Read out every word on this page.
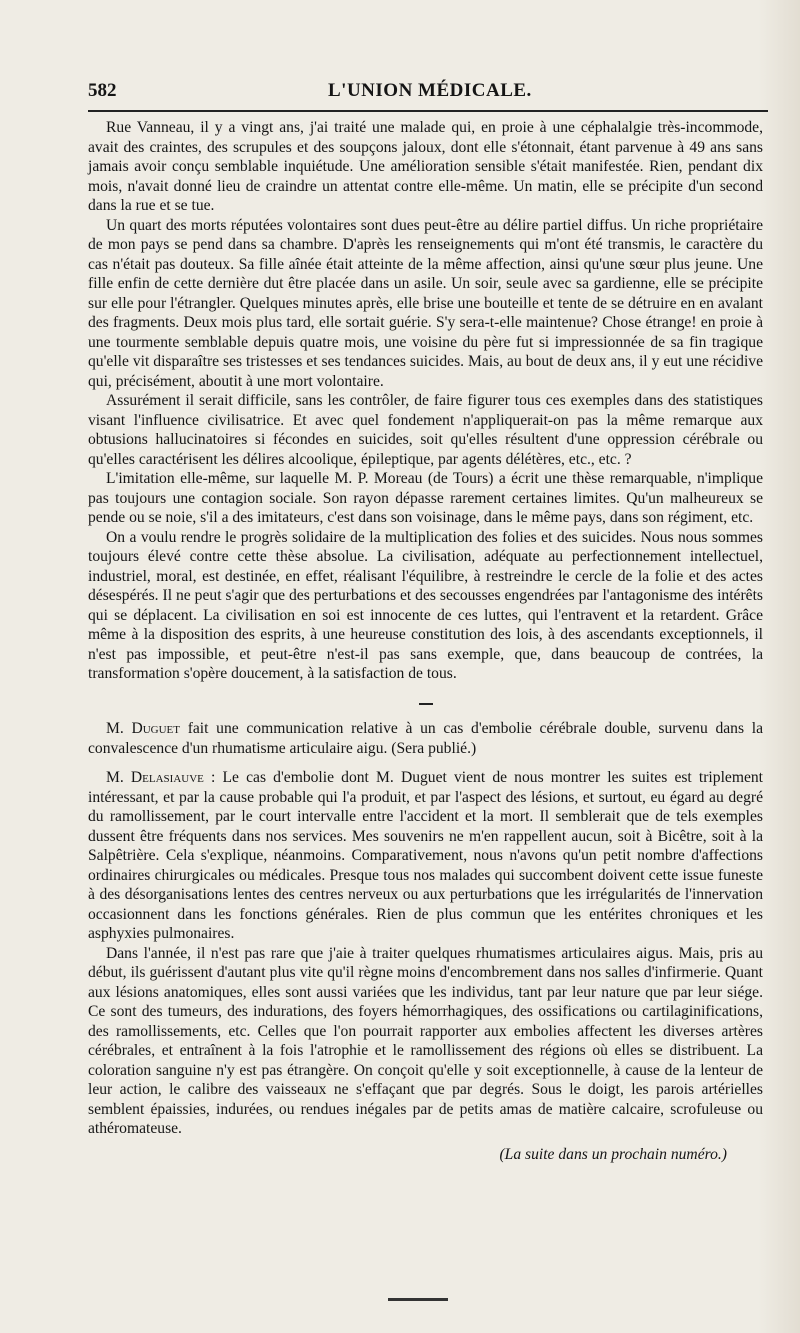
582	L'UNION MÉDICALE.

Rue Vanneau, il y a vingt ans, j'ai traité une malade qui, en proie à une céphalalgie très-incommode, avait des craintes, des scrupules et des soupçons jaloux, dont elle s'étonnait, étant parvenue à 49 ans sans jamais avoir conçu semblable inquiétude. Une amélioration sensible s'était manifestée. Rien, pendant dix mois, n'avait donné lieu de craindre un attentat contre elle-même. Un matin, elle se précipite d'un second dans la rue et se tue.

Un quart des morts réputées volontaires sont dues peut-être au délire partiel diffus. Un riche propriétaire de mon pays se pend dans sa chambre. D'après les renseignements qui m'ont été transmis, le caractère du cas n'était pas douteux. Sa fille aînée était atteinte de la même affection, ainsi qu'une sœur plus jeune. Une fille enfin de cette dernière dut être placée dans un asile. Un soir, seule avec sa gardienne, elle se précipite sur elle pour l'étrangler. Quelques minutes après, elle brise une bouteille et tente de se détruire en en avalant des fragments. Deux mois plus tard, elle sortait guérie. S'y sera-t-elle maintenue? Chose étrange! en proie à une tourmente semblable depuis quatre mois, une voisine du père fut si impressionnée de sa fin tragique qu'elle vit disparaître ses tristesses et ses tendances suicides. Mais, au bout de deux ans, il y eut une récidive qui, précisément, aboutit à une mort volontaire.

Assurément il serait difficile, sans les contrôler, de faire figurer tous ces exemples dans des statistiques visant l'influence civilisatrice. Et avec quel fondement n'appliquerait-on pas la même remarque aux obtusions hallucinatoires si fécondes en suicides, soit qu'elles résultent d'une oppression cérébrale ou qu'elles caractérisent les délires alcoolique, épileptique, par agents délétères, etc., etc. ?

L'imitation elle-même, sur laquelle M. P. Moreau (de Tours) a écrit une thèse remarquable, n'implique pas toujours une contagion sociale. Son rayon dépasse rarement certaines limites. Qu'un malheureux se pende ou se noie, s'il a des imitateurs, c'est dans son voisinage, dans le même pays, dans son régiment, etc.

On a voulu rendre le progrès solidaire de la multiplication des folies et des suicides. Nous nous sommes toujours élevé contre cette thèse absolue. La civilisation, adéquate au perfectionnement intellectuel, industriel, moral, est destinée, en effet, réalisant l'équilibre, à restreindre le cercle de la folie et des actes désespérés. Il ne peut s'agir que des perturbations et des secousses engendrées par l'antagonisme des intérêts qui se déplacent. La civilisation en soi est innocente de ces luttes, qui l'entravent et la retardent. Grâce même à la disposition des esprits, à une heureuse constitution des lois, à des ascendants exceptionnels, il n'est pas impossible, et peut-être n'est-il pas sans exemple, que, dans beaucoup de contrées, la transformation s'opère doucement, à la satisfaction de tous.

M. Duguet fait une communication relative à un cas d'embolie cérébrale double, survenu dans la convalescence d'un rhumatisme articulaire aigu. (Sera publié.)

M. Delasiauve : Le cas d'embolie dont M. Duguet vient de nous montrer les suites est triplement intéressant, et par la cause probable qui l'a produit, et par l'aspect des lésions, et surtout, eu égard au degré du ramollissement, par le court intervalle entre l'accident et la mort. Il semblerait que de tels exemples dussent être fréquents dans nos services. Mes souvenirs ne m'en rappellent aucun, soit à Bicêtre, soit à la Salpêtrière. Cela s'explique, néanmoins. Comparativement, nous n'avons qu'un petit nombre d'affections ordinaires chirurgicales ou médicales. Presque tous nos malades qui succombent doivent cette issue funeste à des désorganisations lentes des centres nerveux ou aux perturbations que les irrégularités de l'innervation occasionnent dans les fonctions générales. Rien de plus commun que les entérites chroniques et les asphyxies pulmonaires.

Dans l'année, il n'est pas rare que j'aie à traiter quelques rhumatismes articulaires aigus. Mais, pris au début, ils guérissent d'autant plus vite qu'il règne moins d'encombrement dans nos salles d'infirmerie. Quant aux lésions anatomiques, elles sont aussi variées que les individus, tant par leur nature que par leur siége. Ce sont des tumeurs, des indurations, des foyers hémorrhagiques, des ossifications ou cartilaginifications, des ramollissements, etc. Celles que l'on pourrait rapporter aux embolies affectent les diverses artères cérébrales, et entraînent à la fois l'atrophie et le ramollissement des régions où elles se distribuent. La coloration sanguine n'y est pas étrangère. On conçoit qu'elle y soit exceptionnelle, à cause de la lenteur de leur action, le calibre des vaisseaux ne s'effaçant que par degrés. Sous le doigt, les parois artérielles semblent épaissies, indurées, ou rendues inégales par de petits amas de matière calcaire, scrofuleuse ou athéromateuse.

(La suite dans un prochain numéro.)
